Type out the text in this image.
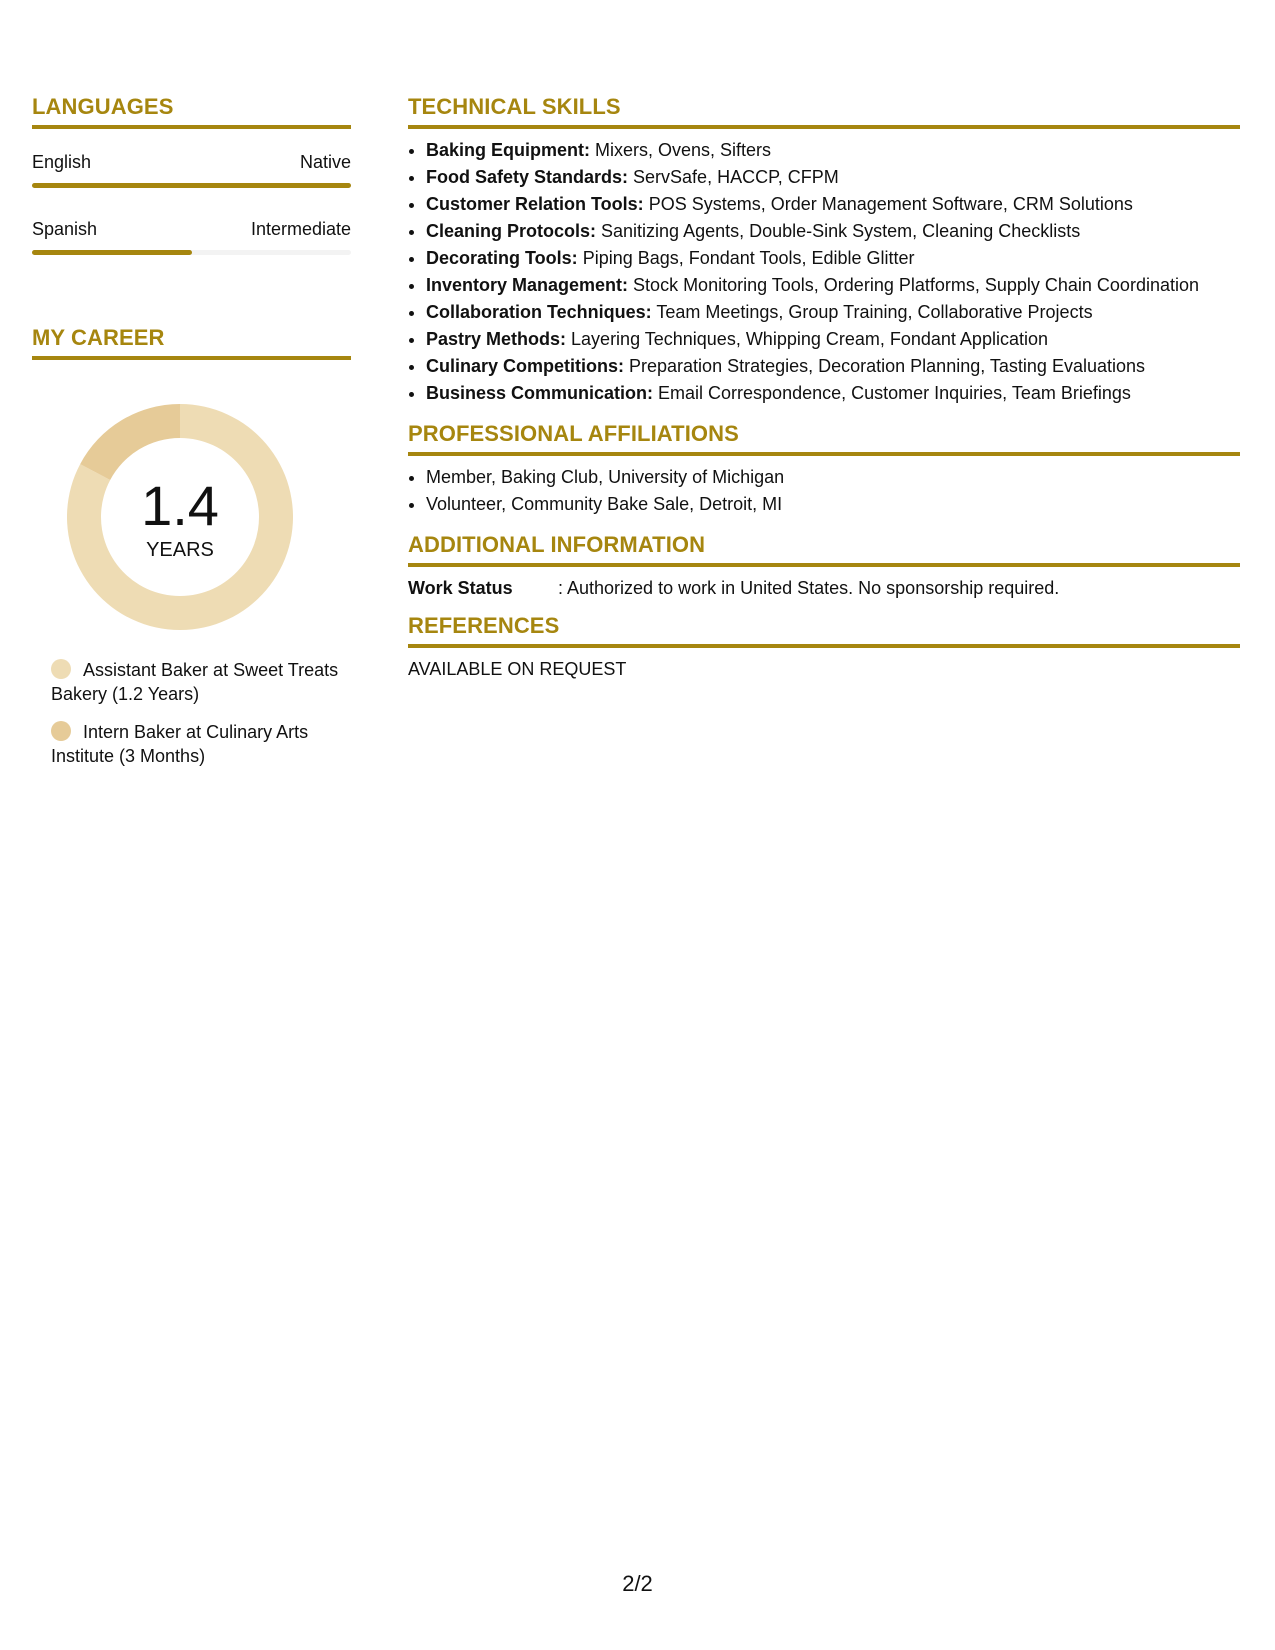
LANGUAGES
English	Native
Spanish	Intermediate
MY CAREER
1.4
YEARS
Assistant Baker at Sweet Treats Bakery (1.2 Years)
Intern Baker at Culinary Arts Institute (3 Months)
TECHNICAL SKILLS
• Baking Equipment: Mixers, Ovens, Sifters
• Food Safety Standards: ServSafe, HACCP, CFPM
• Customer Relation Tools: POS Systems, Order Management Software, CRM Solutions
• Cleaning Protocols: Sanitizing Agents, Double-Sink System, Cleaning Checklists
• Decorating Tools: Piping Bags, Fondant Tools, Edible Glitter
• Inventory Management: Stock Monitoring Tools, Ordering Platforms, Supply Chain Coordination
• Collaboration Techniques: Team Meetings, Group Training, Collaborative Projects
• Pastry Methods: Layering Techniques, Whipping Cream, Fondant Application
• Culinary Competitions: Preparation Strategies, Decoration Planning, Tasting Evaluations
• Business Communication: Email Correspondence, Customer Inquiries, Team Briefings
PROFESSIONAL AFFILIATIONS
• Member, Baking Club, University of Michigan
• Volunteer, Community Bake Sale, Detroit, MI
ADDITIONAL INFORMATION
Work Status	: Authorized to work in United States. No sponsorship required.
REFERENCES
AVAILABLE ON REQUEST
2/2
